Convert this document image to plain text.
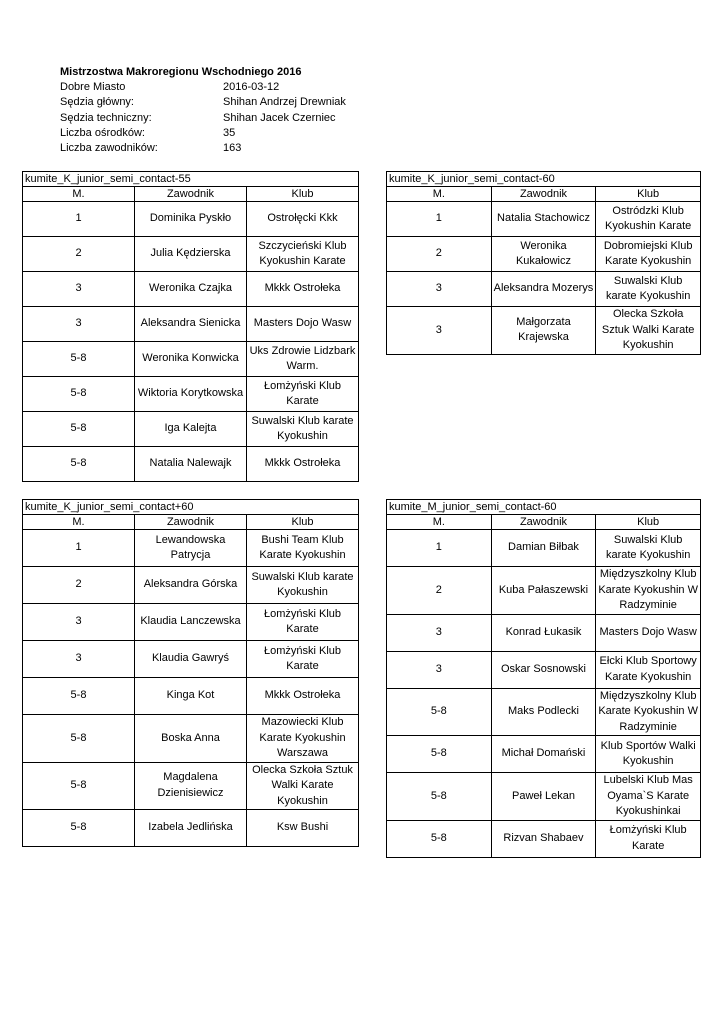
Mistrzostwa Makroregionu Wschodniego 2016
Dobre Miasto	2016-03-12
Sędzia główny:	Shihan Andrzej Drewniak
Sędzia techniczny:	Shihan Jacek Czerniec
Liczba ośrodków:	35
Liczba zawodników:	163
kumite_K_junior_semi_contact-55		
M.	Zawodnik	Klub
1	Dominika Pyskło	Ostrołęcki Kkk
2	Julia Kędzierska	Szczycieński Klub Kyokushin Karate
3	Weronika Czajka	Mkkk Ostrołeka
3	Aleksandra Sienicka	Masters Dojo Wasw
5-8	Weronika Konwicka	Uks Zdrowie Lidzbark Warm.
5-8	Wiktoria Korytkowska	Łomżyński Klub Karate
5-8	Iga Kalejta	Suwalski Klub karate Kyokushin
5-8	Natalia Nalewajk	Mkkk Ostrołeka
kumite_K_junior_semi_contact-60		
M.	Zawodnik	Klub
1	Natalia Stachowicz	Ostródzki Klub Kyokushin Karate
2	Weronika Kukałowicz	Dobromiejski Klub Karate Kyokushin
3	Aleksandra Mozerys	Suwalski Klub karate Kyokushin
3	Małgorzata Krajewska	Olecka Szkoła Sztuk Walki Karate Kyokushin
kumite_K_junior_semi_contact+60		
M.	Zawodnik	Klub
1	Lewandowska Patrycja	Bushi Team Klub Karate Kyokushin
2	Aleksandra Górska	Suwalski Klub karate Kyokushin
3	Klaudia Lanczewska	Łomżyński Klub Karate
3	Klaudia Gawryś	Łomżyński Klub Karate
5-8	Kinga Kot	Mkkk Ostrołeka
5-8	Boska Anna	Mazowiecki Klub Karate Kyokushin Warszawa
5-8	Magdalena Dzienisiewicz	Olecka Szkoła Sztuk Walki Karate Kyokushin
5-8	Izabela Jedlińska	Ksw Bushi
kumite_M_junior_semi_contact-60		
M.	Zawodnik	Klub
1	Damian Biłbak	Suwalski Klub karate Kyokushin
2	Kuba Pałaszewski	Międzyszkolny Klub Karate Kyokushin W Radzyminie
3	Konrad Łukasik	Masters Dojo Wasw
3	Oskar Sosnowski	Ełcki Klub Sportowy Karate Kyokushin
5-8	Maks Podlecki	Międzyszkolny Klub Karate Kyokushin W Radzyminie
5-8	Michał Domański	Klub Sportów Walki Kyokushin
5-8	Paweł Lekan	Lubelski Klub Mas Oyama`S Karate Kyokushinkai
5-8	Rizvan Shabaev	Łomżyński Klub Karate
